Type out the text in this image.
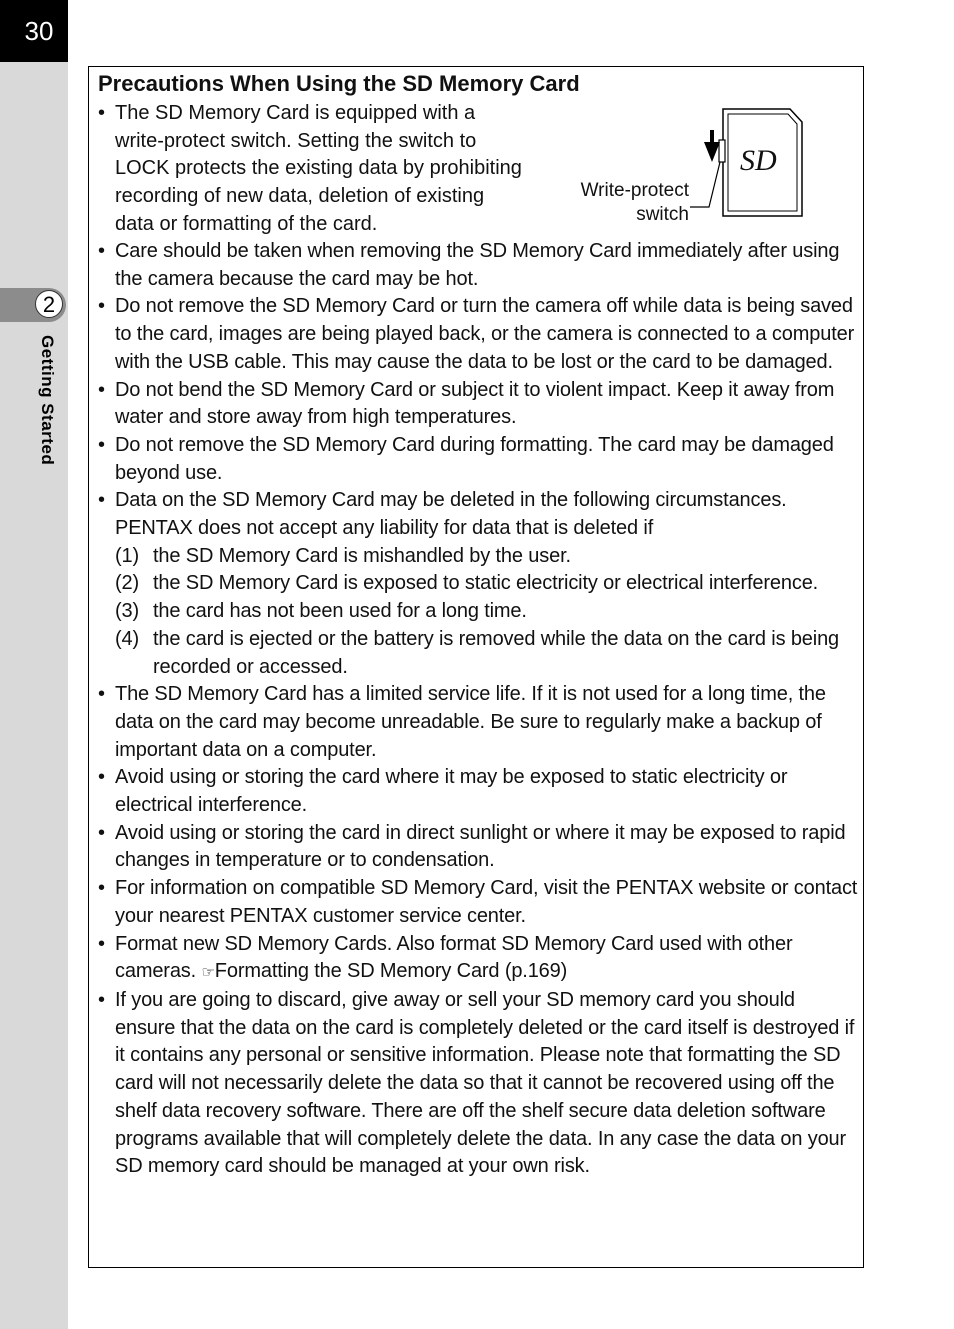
30
2
Getting Started
Precautions When Using the SD Memory Card
• The SD Memory Card is equipped with a write-protect switch. Setting the switch to LOCK protects the existing data by prohibiting recording of new data, deletion of existing data or formatting of the card.
SD
Write-protect
switch
• Care should be taken when removing the SD Memory Card immediately after using the camera because the card may be hot.
• Do not remove the SD Memory Card or turn the camera off while data is being saved to the card, images are being played back, or the camera is connected to a computer with the USB cable. This may cause the data to be lost or the card to be damaged.
• Do not bend the SD Memory Card or subject it to violent impact. Keep it away from water and store away from high temperatures.
• Do not remove the SD Memory Card during formatting. The card may be damaged beyond use.
• Data on the SD Memory Card may be deleted in the following circumstances. PENTAX does not accept any liability for data that is deleted if
(1) the SD Memory Card is mishandled by the user.
(2) the SD Memory Card is exposed to static electricity or electrical interference.
(3) the card has not been used for a long time.
(4) the card is ejected or the battery is removed while the data on the card is being recorded or accessed.
• The SD Memory Card has a limited service life. If it is not used for a long time, the data on the card may become unreadable. Be sure to regularly make a backup of important data on a computer.
• Avoid using or storing the card where it may be exposed to static electricity or electrical interference.
• Avoid using or storing the card in direct sunlight or where it may be exposed to rapid changes in temperature or to condensation.
• For information on compatible SD Memory Card, visit the PENTAX website or contact your nearest PENTAX customer service center.
• Format new SD Memory Cards. Also format SD Memory Card used with other cameras. ☞Formatting the SD Memory Card (p.169)
• If you are going to discard, give away or sell your SD memory card you should ensure that the data on the card is completely deleted or the card itself is destroyed if it contains any personal or sensitive information. Please note that formatting the SD card will not necessarily delete the data so that it cannot be recovered using off the shelf data recovery software. There are off the shelf secure data deletion software programs available that will completely delete the data. In any case the data on your SD memory card should be managed at your own risk.
